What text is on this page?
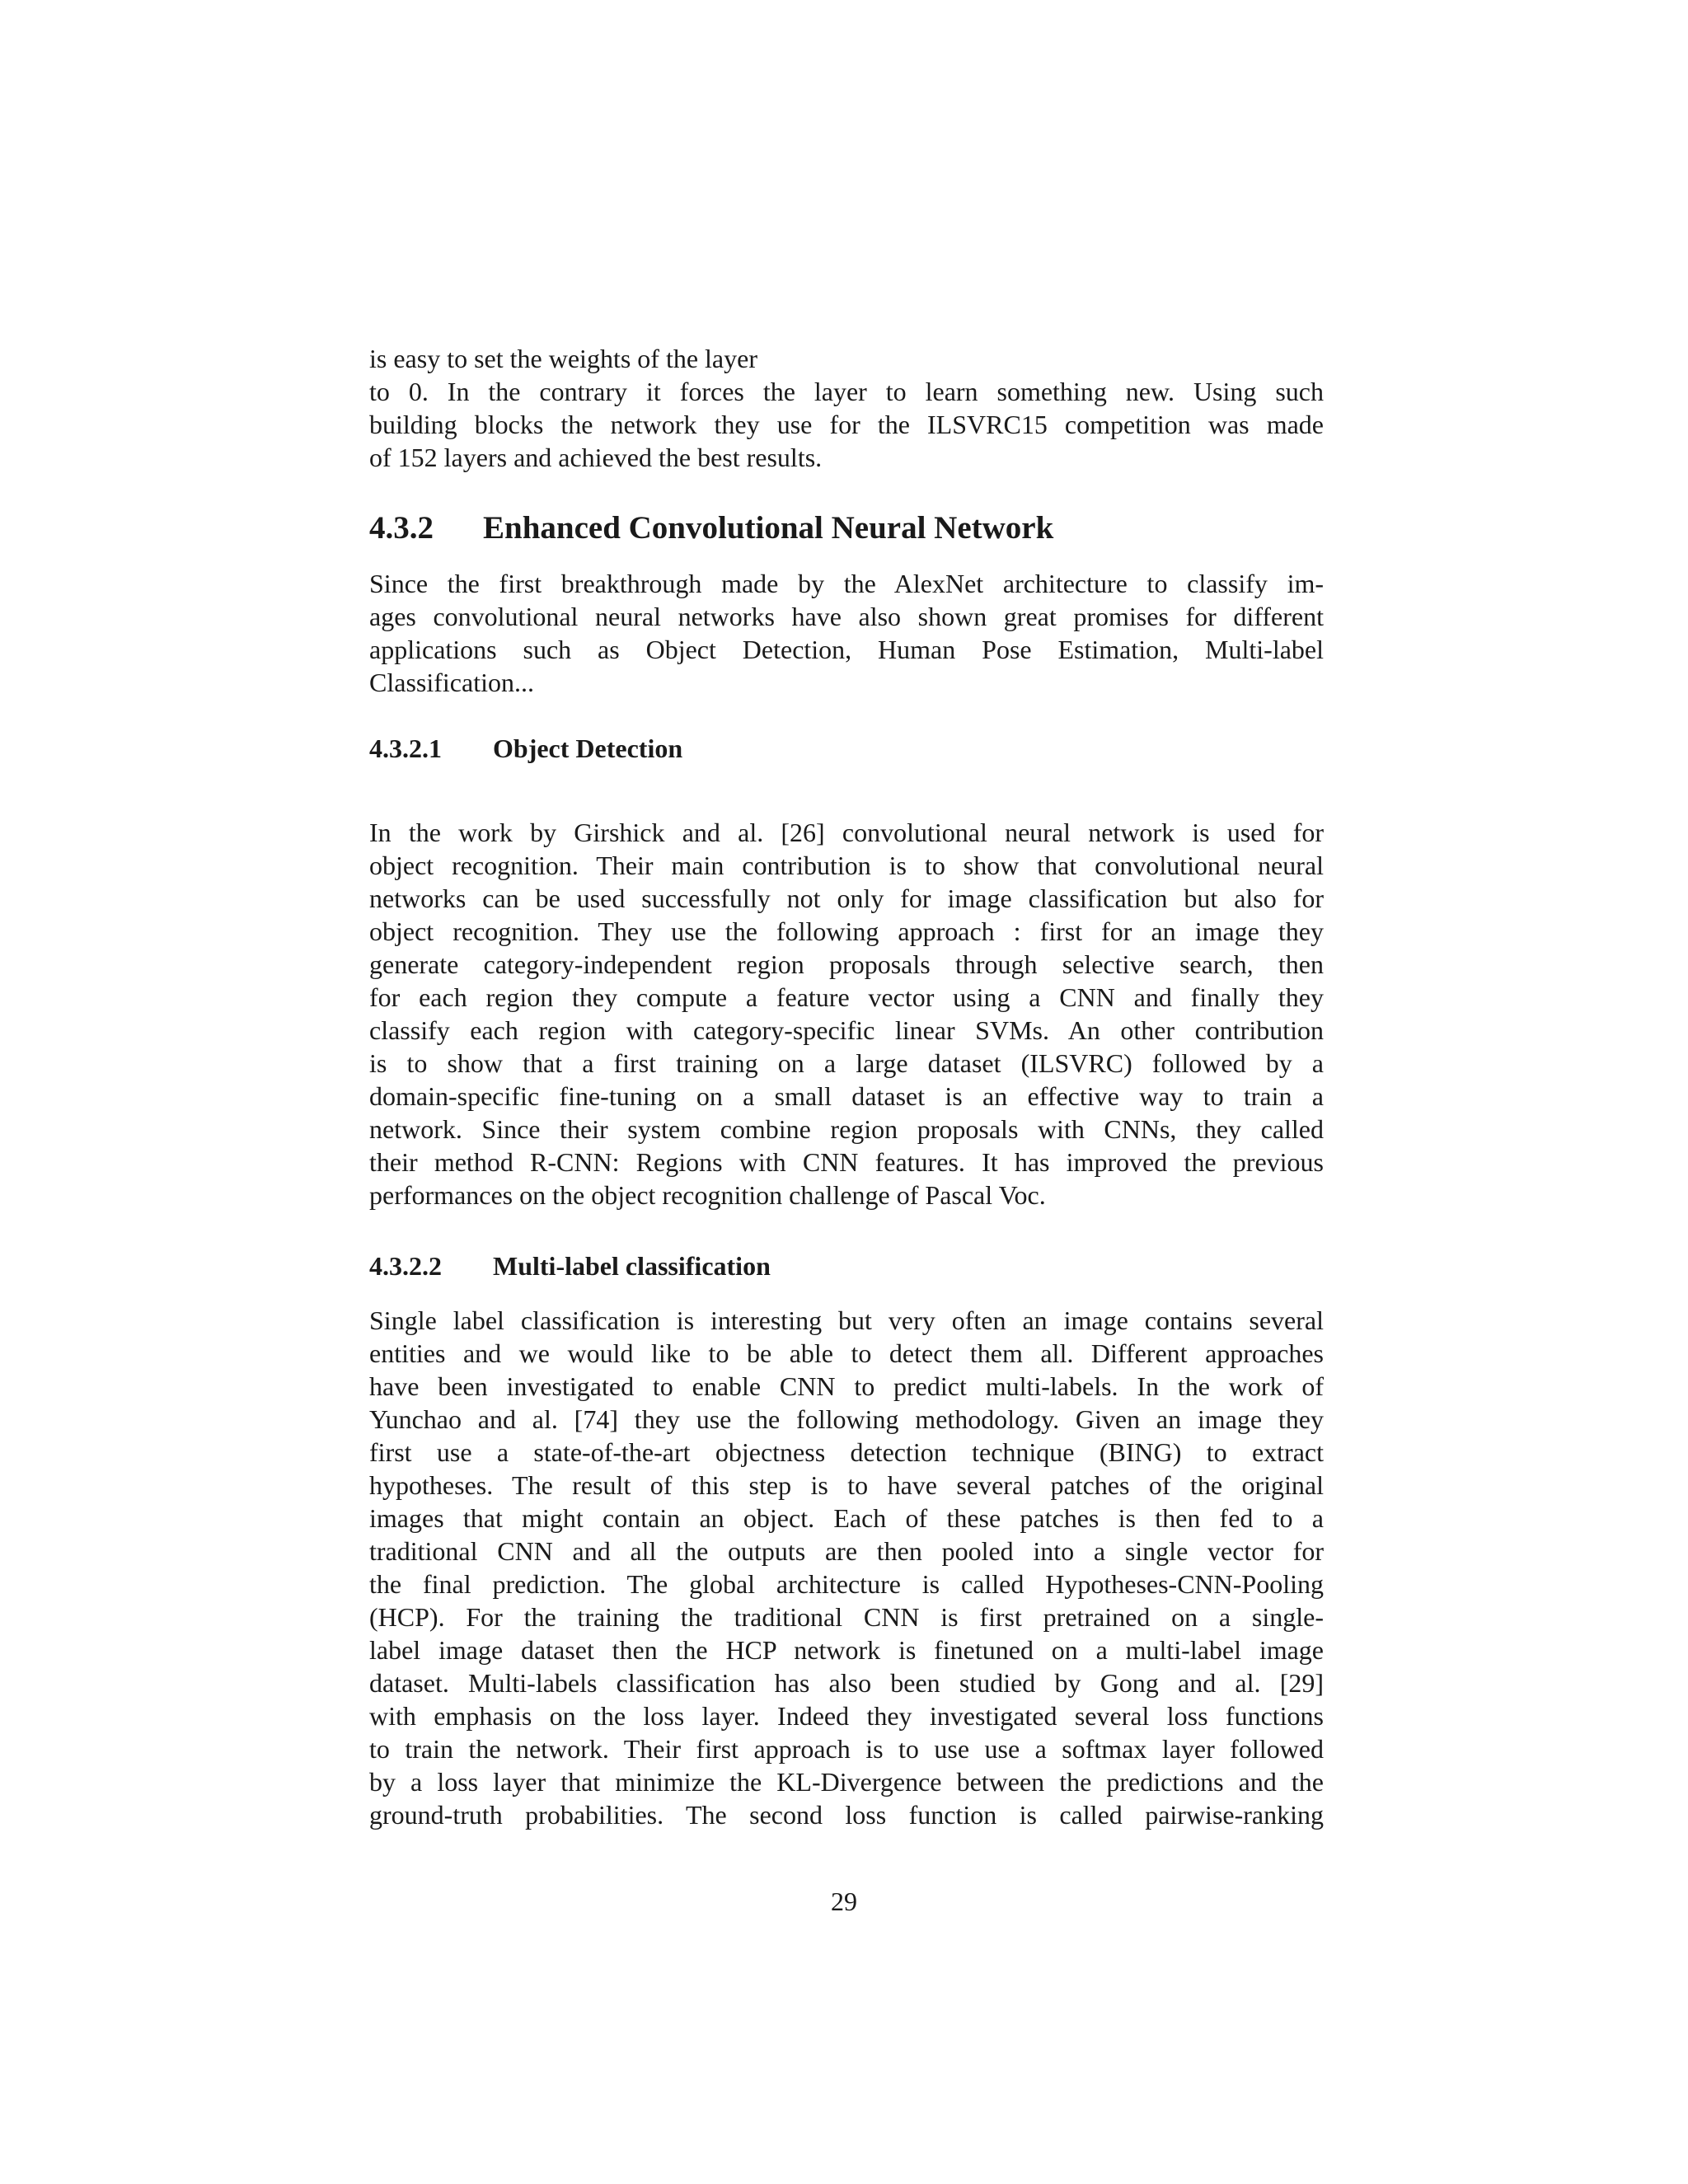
is easy to set the weights of the layer
to 0. In the contrary it forces the layer to learn something new. Using such
building blocks the network they use for the ILSVRC15 competition was made
of 152 layers and achieved the best results.
4.3.2 Enhanced Convolutional Neural Network
Since the first breakthrough made by the AlexNet architecture to classify im-
ages convolutional neural networks have also shown great promises for different
applications such as Object Detection, Human Pose Estimation, Multi-label
Classification...
4.3.2.1 Object Detection
In the work by Girshick and al. [26] convolutional neural network is used for
object recognition. Their main contribution is to show that convolutional neural
networks can be used successfully not only for image classification but also for
object recognition. They use the following approach : first for an image they
generate category-independent region proposals through selective search, then
for each region they compute a feature vector using a CNN and finally they
classify each region with category-specific linear SVMs. An other contribution
is to show that a first training on a large dataset (ILSVRC) followed by a
domain-specific fine-tuning on a small dataset is an effective way to train a
network. Since their system combine region proposals with CNNs, they called
their method R-CNN: Regions with CNN features. It has improved the previous
performances on the object recognition challenge of Pascal Voc.
4.3.2.2 Multi-label classification
Single label classification is interesting but very often an image contains several
entities and we would like to be able to detect them all. Different approaches
have been investigated to enable CNN to predict multi-labels. In the work of
Yunchao and al. [74] they use the following methodology. Given an image they
first use a state-of-the-art objectness detection technique (BING) to extract
hypotheses. The result of this step is to have several patches of the original
images that might contain an object. Each of these patches is then fed to a
traditional CNN and all the outputs are then pooled into a single vector for
the final prediction. The global architecture is called Hypotheses-CNN-Pooling
(HCP). For the training the traditional CNN is first pretrained on a single-
label image dataset then the HCP network is finetuned on a multi-label image
dataset. Multi-labels classification has also been studied by Gong and al. [29]
with emphasis on the loss layer. Indeed they investigated several loss functions
to train the network. Their first approach is to use use a softmax layer followed
by a loss layer that minimize the KL-Divergence between the predictions and the
ground-truth probabilities. The second loss function is called pairwise-ranking
29
